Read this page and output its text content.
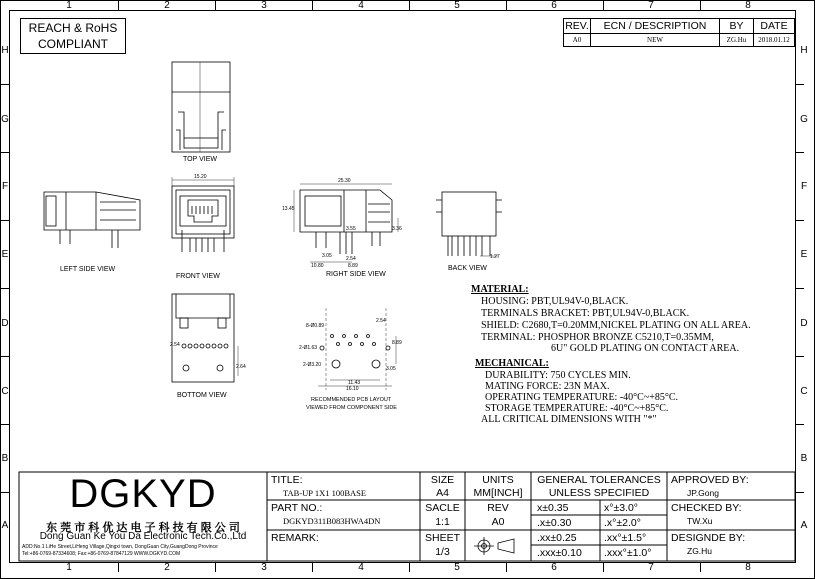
1	2	3	4	5	6	7	8
1	2	3	4	5	6	7	8
H
G
F
E
D
C
B
A
H
G
F
E
D
C
B
A
REACH & RoHS
COMPLIANT
REV.	ECN / DESCRIPTION	BY	DATE
A0	NEW	ZG.Hu	2018.01.12
TOP VIEW
LEFT SIDE VIEW
FRONT VIEW	RIGHT SIDE VIEW
BACK VIEW
BOTTOM VIEW
RECOMMENDED PCB LAYOUT
VIEWED FROM COMPONENT SIDE
15.20
25.30
13.45
3.05
3.55
2.54
10.80	8.89
3.36
1.27
2.54
2.64
2.54
8.89
3.05
11.43
16.10
8-Ø0.89
2-Ø1.63
2-Ø3.20
MATERIAL:
HOUSING: PBT,UL94V-0,BLACK.
TERMINALS BRACKET: PBT,UL94V-0,BLACK.
SHIELD: C2680,T=0.20MM,NICKEL PLATING ON ALL AREA.
TERMINAL: PHOSPHOR BRONZE C5210,T=0.35MM,
6U" GOLD PLATING ON CONTACT AREA.
MECHANICAL:
DURABILITY: 750 CYCLES MIN.
MATING FORCE: 23N MAX.
OPERATING TEMPERATURE: -40°C~+85°C.
STORAGE TEMPERATURE: -40°C~+85°C.
ALL CRITICAL DIMENSIONS WITH "*"
DGKYD
东 莞 市 科 优 达 电 子 科 技 有 限 公 司
Dong Guan Ke You Da Electronic Tech.Co.,Ltd
ADD:No.1 LiHe Street,LiHeng Village,Qingxi town, DongGuan City,GuangDong Province
Tel:+86-0769-87334608; Fax:+86-0769-87847129 WWW.DGKYD.COM
TITLE:
TAB-UP 1X1 100BASE
PART NO.:
DGKYD311B083HWA4DN
REMARK:
SIZE
A4
UNITS
MM[INCH]
SACLE
1:1
REV
A0
SHEET
1/3
GENERAL TOLERANCES
UNLESS SPECIFIED
x±0.35	x°±3.0°
.x±0.30	.x°±2.0°
.xx±0.25	.xx°±1.5°
.xxx±0.10 .xxx°±1.0°
APPROVED BY:
JP.Gong
CHECKED BY:
TW.Xu
DESIGNDE BY:
ZG.Hu
